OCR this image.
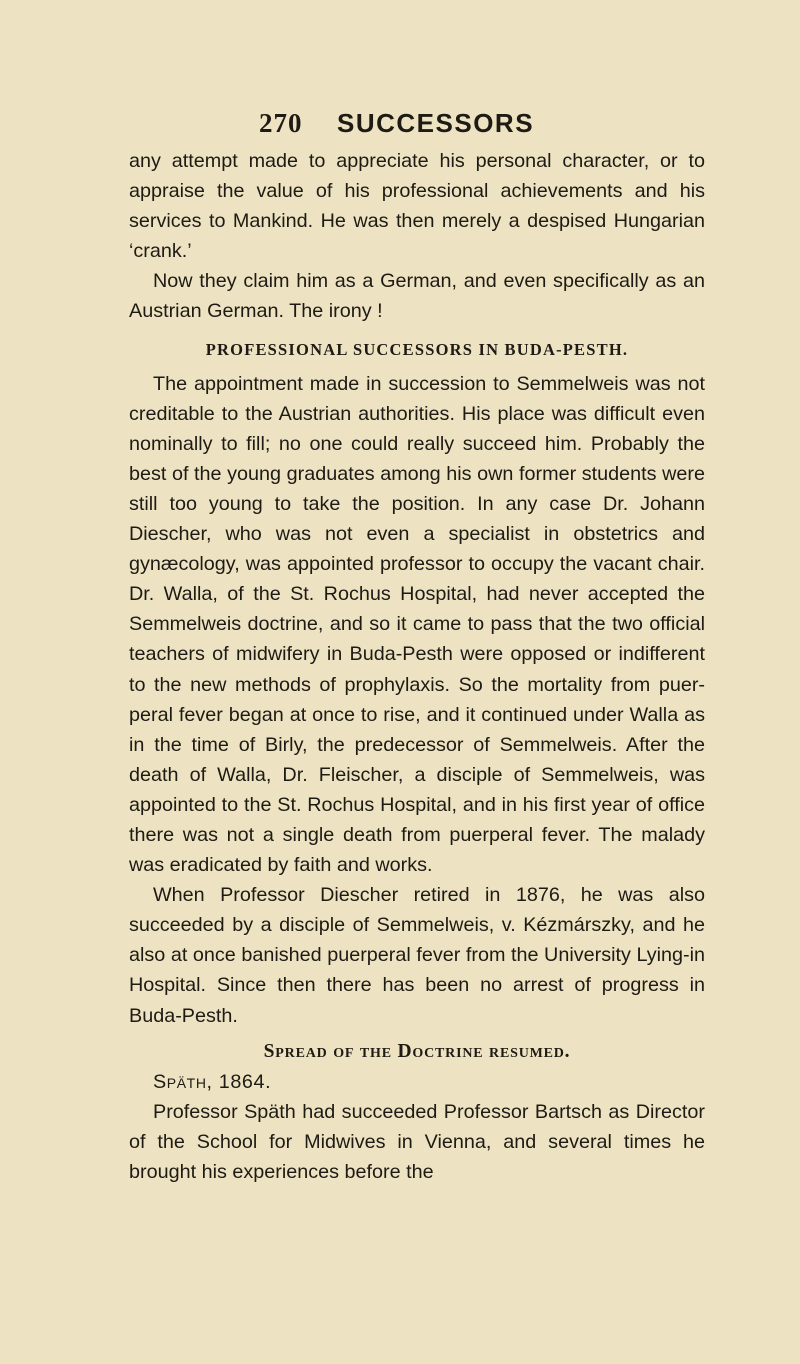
270 SUCCESSORS

any attempt made to appreciate his personal character, or to appraise the value of his professional achievements and his services to Mankind. He was then merely a despised Hungarian ‘crank.’

Now they claim him as a German, and even specifically as an Austrian German. The irony !

PROFESSIONAL SUCCESSORS IN BUDA-PESTH.

The appointment made in succession to Semmelweis was not creditable to the Austrian authorities. His place was difficult even nominally to fill; no one could really succeed him. Probably the best of the young graduates among his own former students were still too young to take the position. In any case Dr. Johann Diescher, who was not even a specialist in obstetrics and gynæcology, was appointed professor to occupy the vacant chair. Dr. Walla, of the St. Rochus Hospital, had never accepted the Semmelweis doctrine, and so it came to pass that the two official teachers of midwifery in Buda-Pesth were opposed or indifferent to the new methods of prophylaxis. So the mortality from puer-peral fever began at once to rise, and it continued under Walla as in the time of Birly, the predecessor of Semmelweis. After the death of Walla, Dr. Fleischer, a disciple of Semmelweis, was appointed to the St. Rochus Hospital, and in his first year of office there was not a single death from puerperal fever. The malady was eradicated by faith and works.

When Professor Diescher retired in 1876, he was also succeeded by a disciple of Semmelweis, v. Kézmárszky, and he also at once banished puerperal fever from the University Lying-in Hospital. Since then there has been no arrest of progress in Buda-Pesth.

Spread of the Doctrine resumed.

Späth, 1864.

Professor Späth had succeeded Professor Bartsch as Director of the School for Midwives in Vienna, and several times he brought his experiences before the
